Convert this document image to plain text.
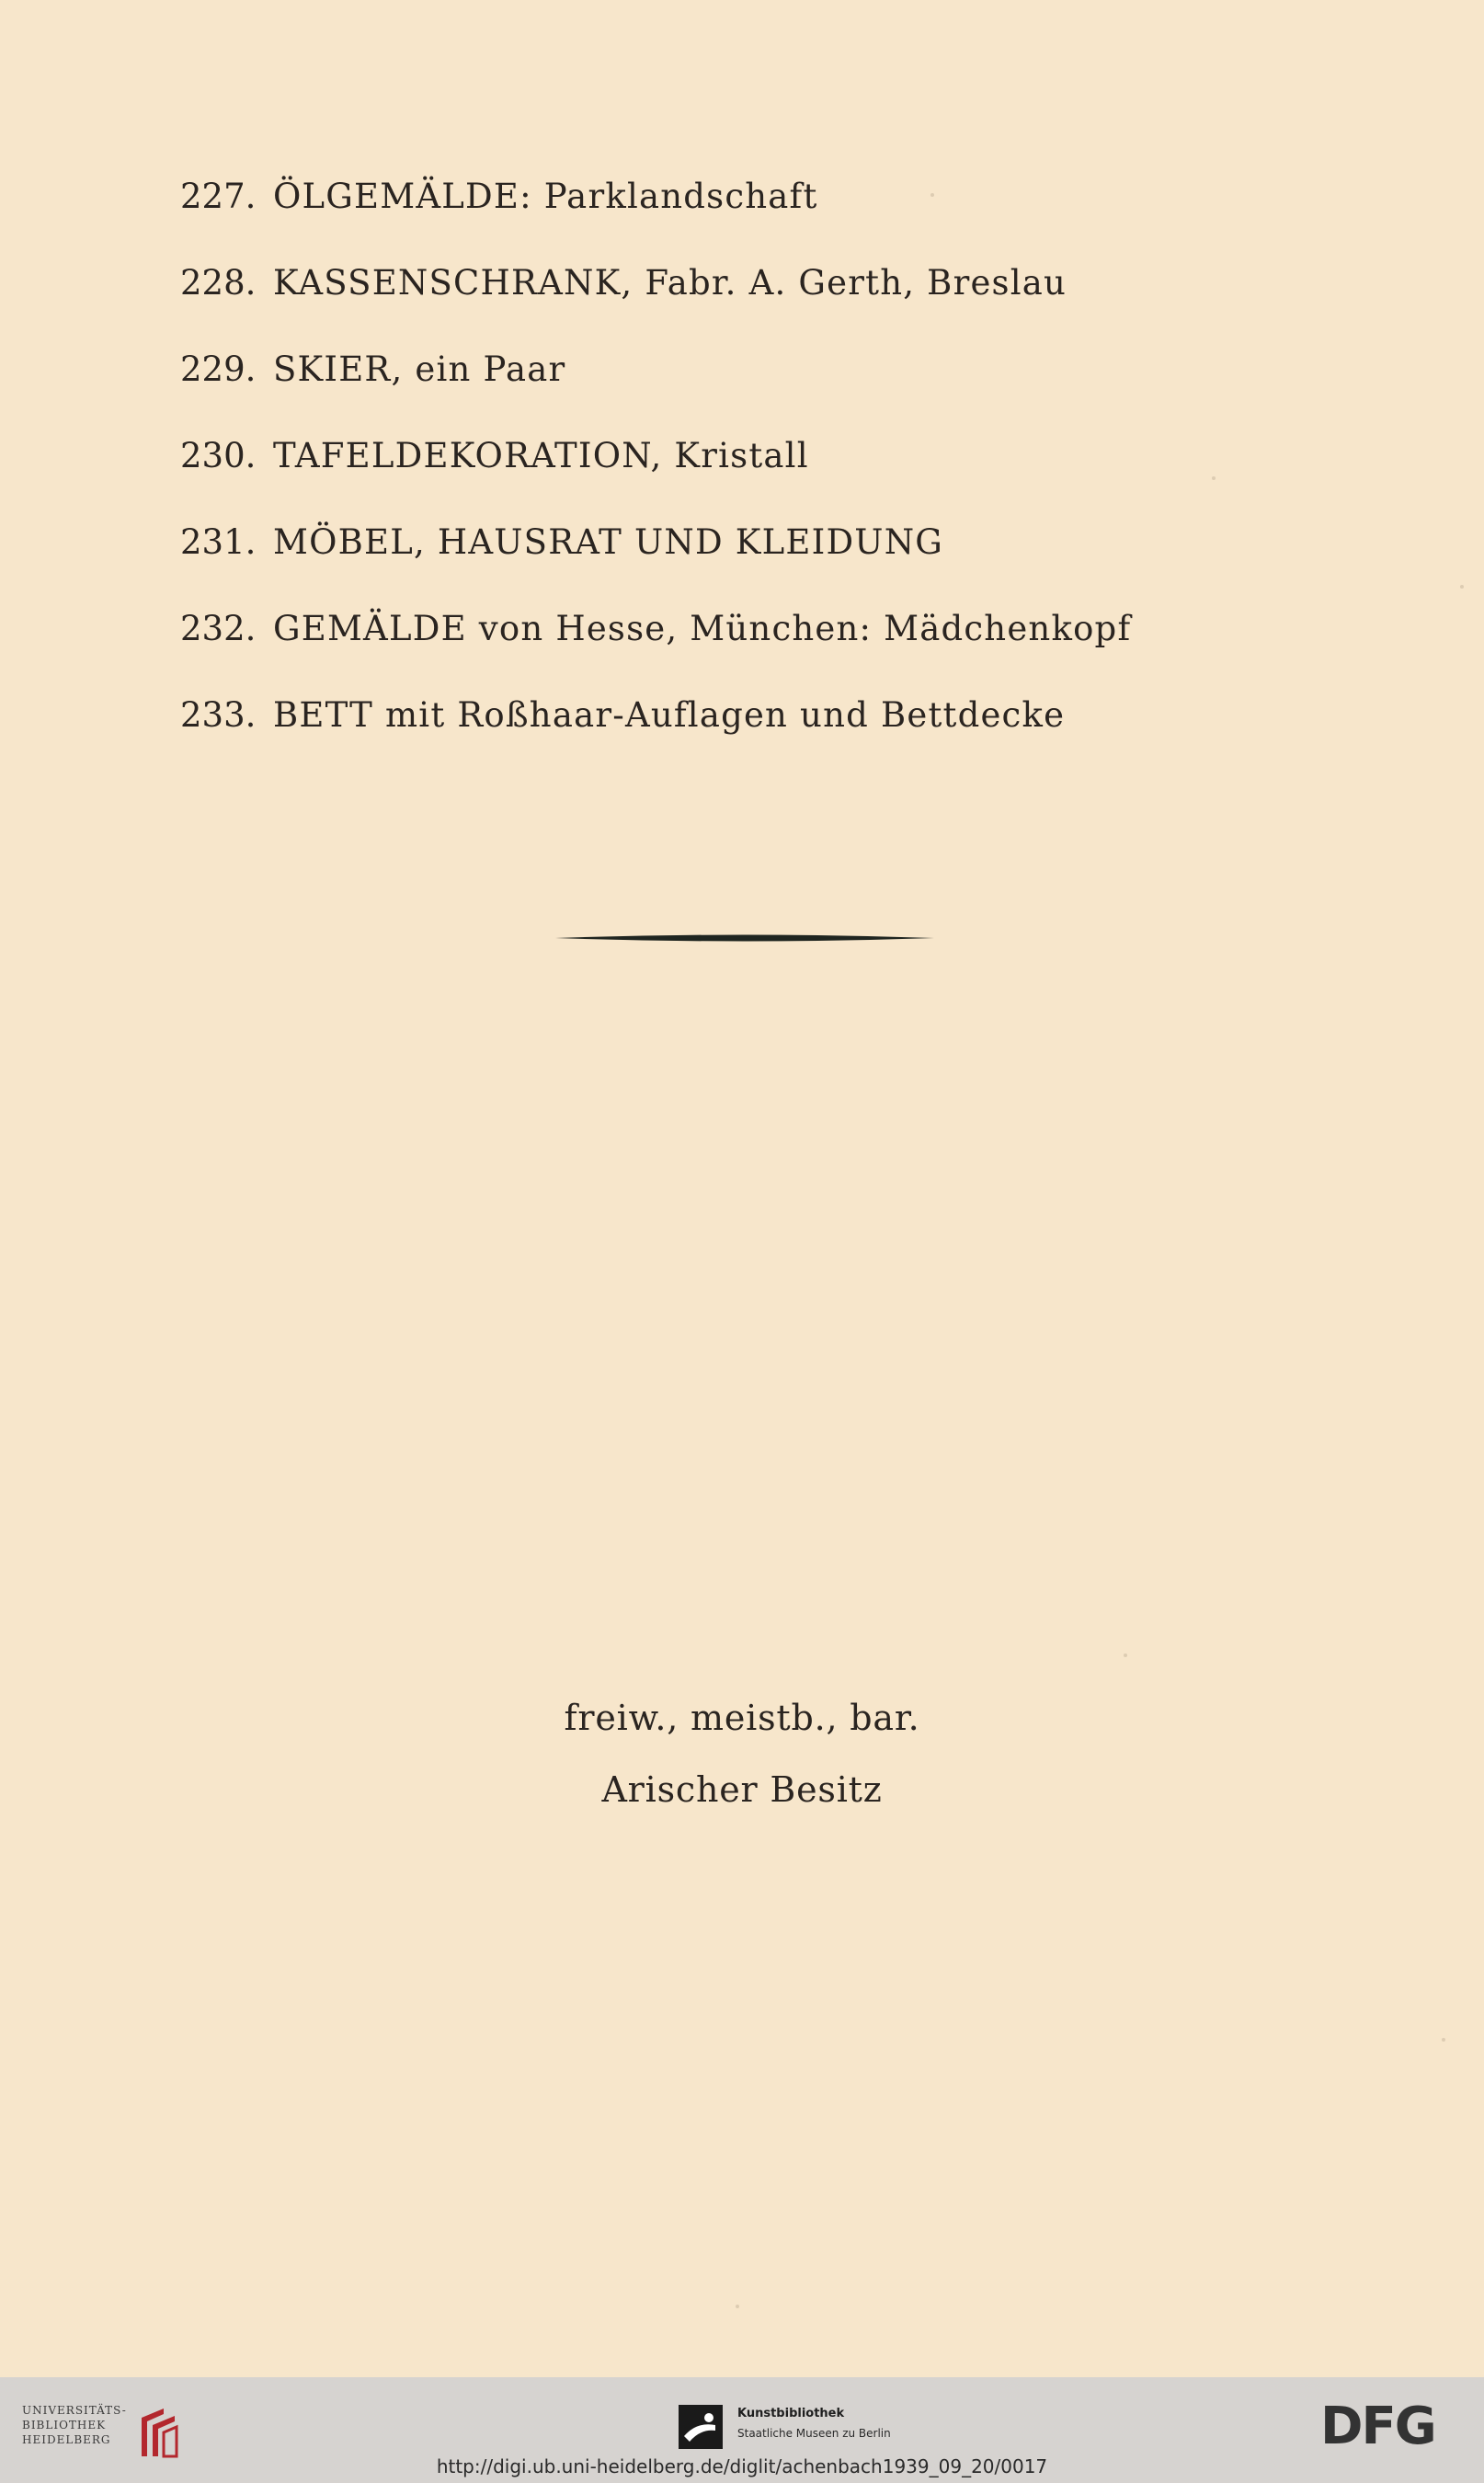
227. ÖLGEMÄLDE: Parklandschaft
228. KASSENSCHRANK, Fabr. A. Gerth, Breslau
229. SKIER, ein Paar
230. TAFELDEKORATION, Kristall
231. MÖBEL, HAUSRAT UND KLEIDUNG
232. GEMÄLDE von Hesse, München: Mädchenkopf
233. BETT mit Roßhaar-Auflagen und Bettdecke

freiw., meistb., bar.

Arischer Besitz

UNIVERSITÄTS-
BIBLIOTHEK
HEIDELBERG

Kunstbibliothek

Staatliche Museen zu Berlin	DFG

http://digi.ub.uni-heidelberg.de/diglit/achenbach1939_09_20/0017
